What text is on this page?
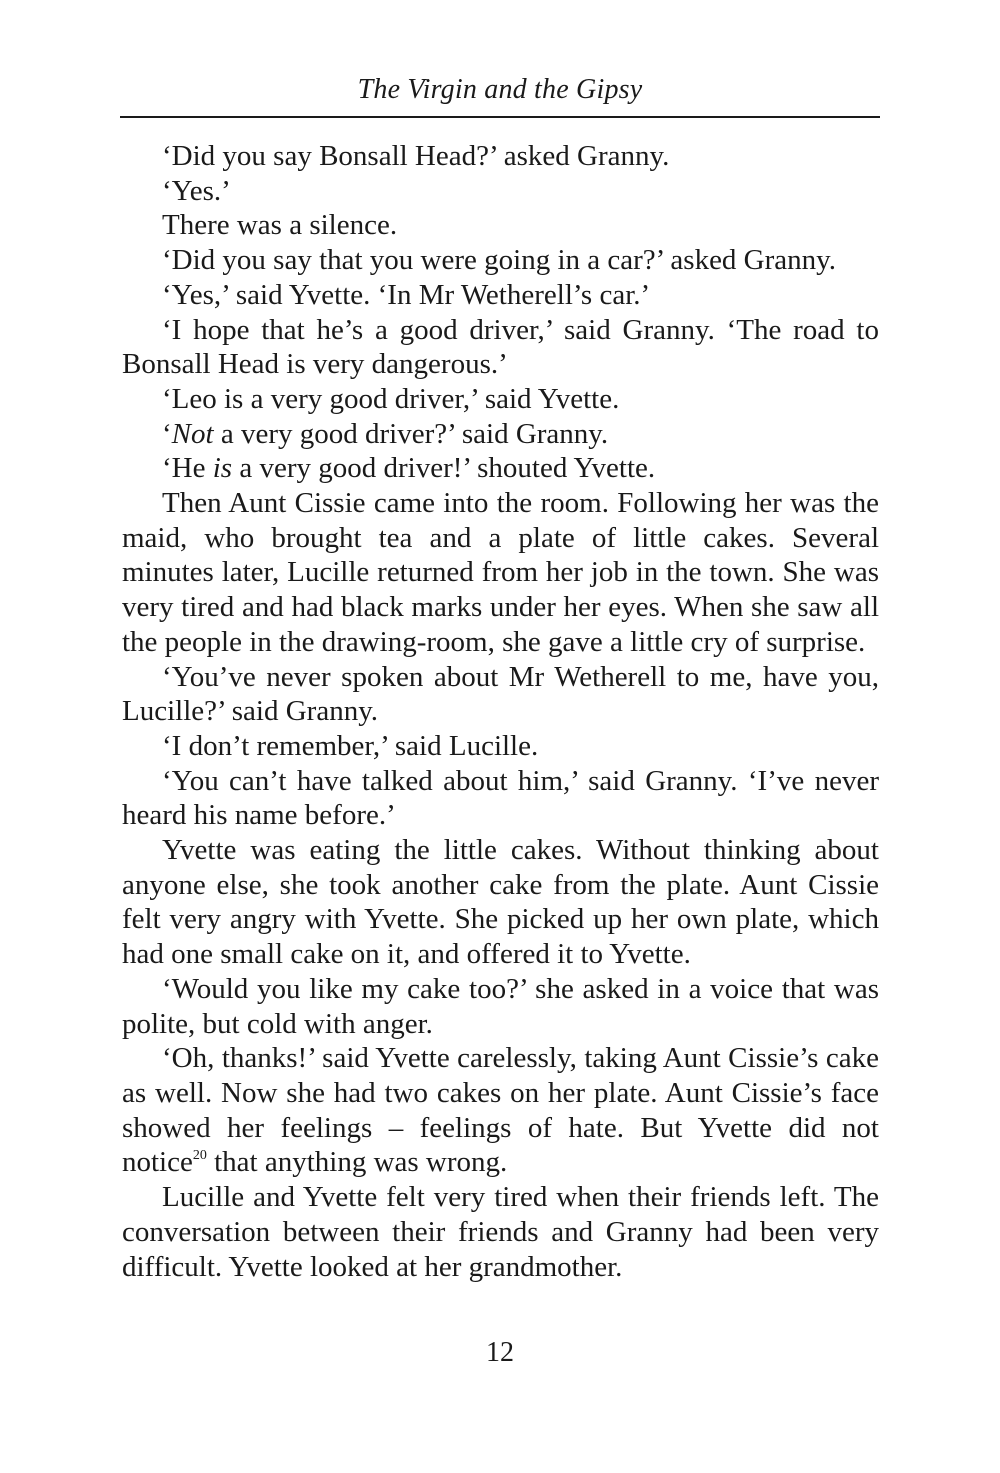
The Virgin and the Gipsy

‘Did you say Bonsall Head?’ asked Granny.

‘Yes.’

There was a silence.

‘Did you say that you were going in a car?’ asked Granny.

‘Yes,’ said Yvette. ‘In Mr Wetherell’s car.’

‘I hope that he’s a good driver,’ said Granny. ‘The road to Bonsall Head is very dangerous.’

‘Leo is a very good driver,’ said Yvette.

‘Not a very good driver?’ said Granny.

‘He is a very good driver!’ shouted Yvette.

Then Aunt Cissie came into the room. Following her was the maid, who brought tea and a plate of little cakes. Several minutes later, Lucille returned from her job in the town. She was very tired and had black marks under her eyes. When she saw all the people in the drawing-room, she gave a little cry of surprise.

‘You’ve never spoken about Mr Wetherell to me, have you, Lucille?’ said Granny.

‘I don’t remember,’ said Lucille.

‘You can’t have talked about him,’ said Granny. ‘I’ve never heard his name before.’

Yvette was eating the little cakes. Without thinking about anyone else, she took another cake from the plate. Aunt Cissie felt very angry with Yvette. She picked up her own plate, which had one small cake on it, and offered it to Yvette.

‘Would you like my cake too?’ she asked in a voice that was polite, but cold with anger.

‘Oh, thanks!’ said Yvette carelessly, taking Aunt Cissie’s cake as well. Now she had two cakes on her plate. Aunt Cissie’s face showed her feelings – feelings of hate. But Yvette did not notice$^{20}$ that anything was wrong.

Lucille and Yvette felt very tired when their friends left. The conversation between their friends and Granny had been very difficult. Yvette looked at her grandmother.

12
